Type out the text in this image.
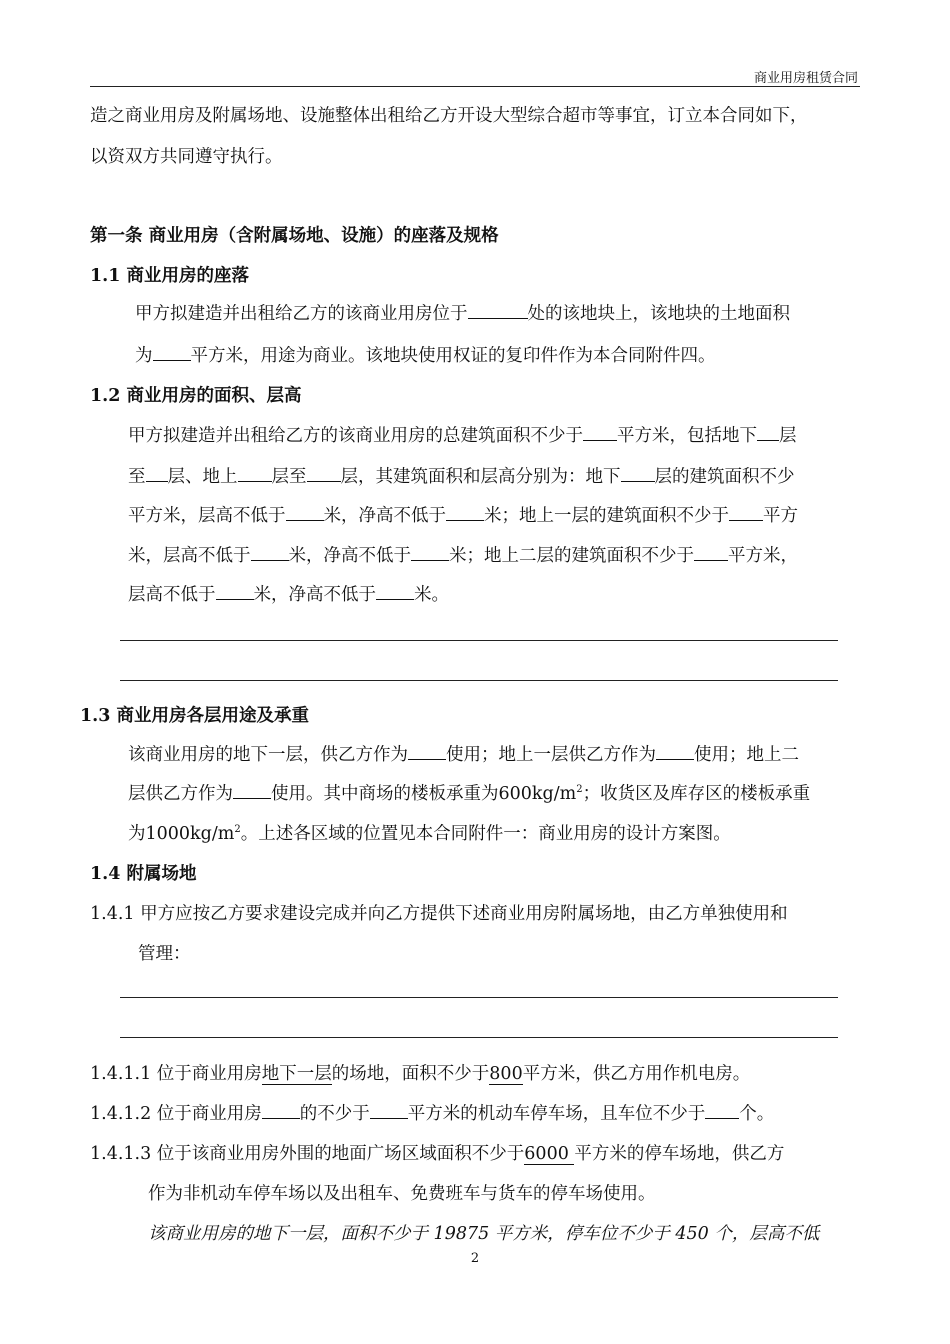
商业用房租赁合同
造之商业用房及附属场地、设施整体出租给乙方开设大型综合超市等事宜，订立本合同如下，
以资双方共同遵守执行。
第一条 商业用房（含附属场地、设施）的座落及规格
1.1 商业用房的座落
甲方拟建造并出租给乙方的该商业用房位于	处的该地块上，该地块的土地面积
为 平方米，用途为商业。该地块使用权证的复印件作为本合同附件四。
1.2 商业用房的面积、层高
甲方拟建造并出租给乙方的该商业用房的总建筑面积不少于 平方米，包括地下 层
至 层、地上 层至 层，其建筑面积和层高分别为：地下 层的建筑面积不少
平方米，层高不低于 米，净高不低于 米；地上一层的建筑面积不少于 平方
米，层高不低于 米，净高不低于 米；地上二层的建筑面积不少于 平方米，
层高不低于 米，净高不低于 米。
1.3 商业用房各层用途及承重
该商业用房的地下一层，供乙方作为 使用；地上一层供乙方作为 使用；地上二
层供乙方作为 使用。其中商场的楼板承重为$600kg/m^2$；收货区及库存区的楼板承重
为$1000kg/m^2$。上述各区域的位置见本合同附件一：商业用房的设计方案图。
1.4 附属场地
1.4.1 甲方应按乙方要求建设完成并向乙方提供下述商业用房附属场地，由乙方单独使用和
管理：
1.4.1.1 位于商业用房地下一层的场地，面积不少于800平方米，供乙方用作机电房。
1.4.1.2 位于商业用房 的不少于 平方米的机动车停车场，且车位不少于 个。
1.4.1.3 位于该商业用房外围的地面广场区域面积不少于6000 平方米的停车场地，供乙方
作为非机动车停车场以及出租车、免费班车与货车的停车场使用。
该商业用房的地下一层，面积不少于 19875 平方米，停车位不少于 450 个，层高不低
2
